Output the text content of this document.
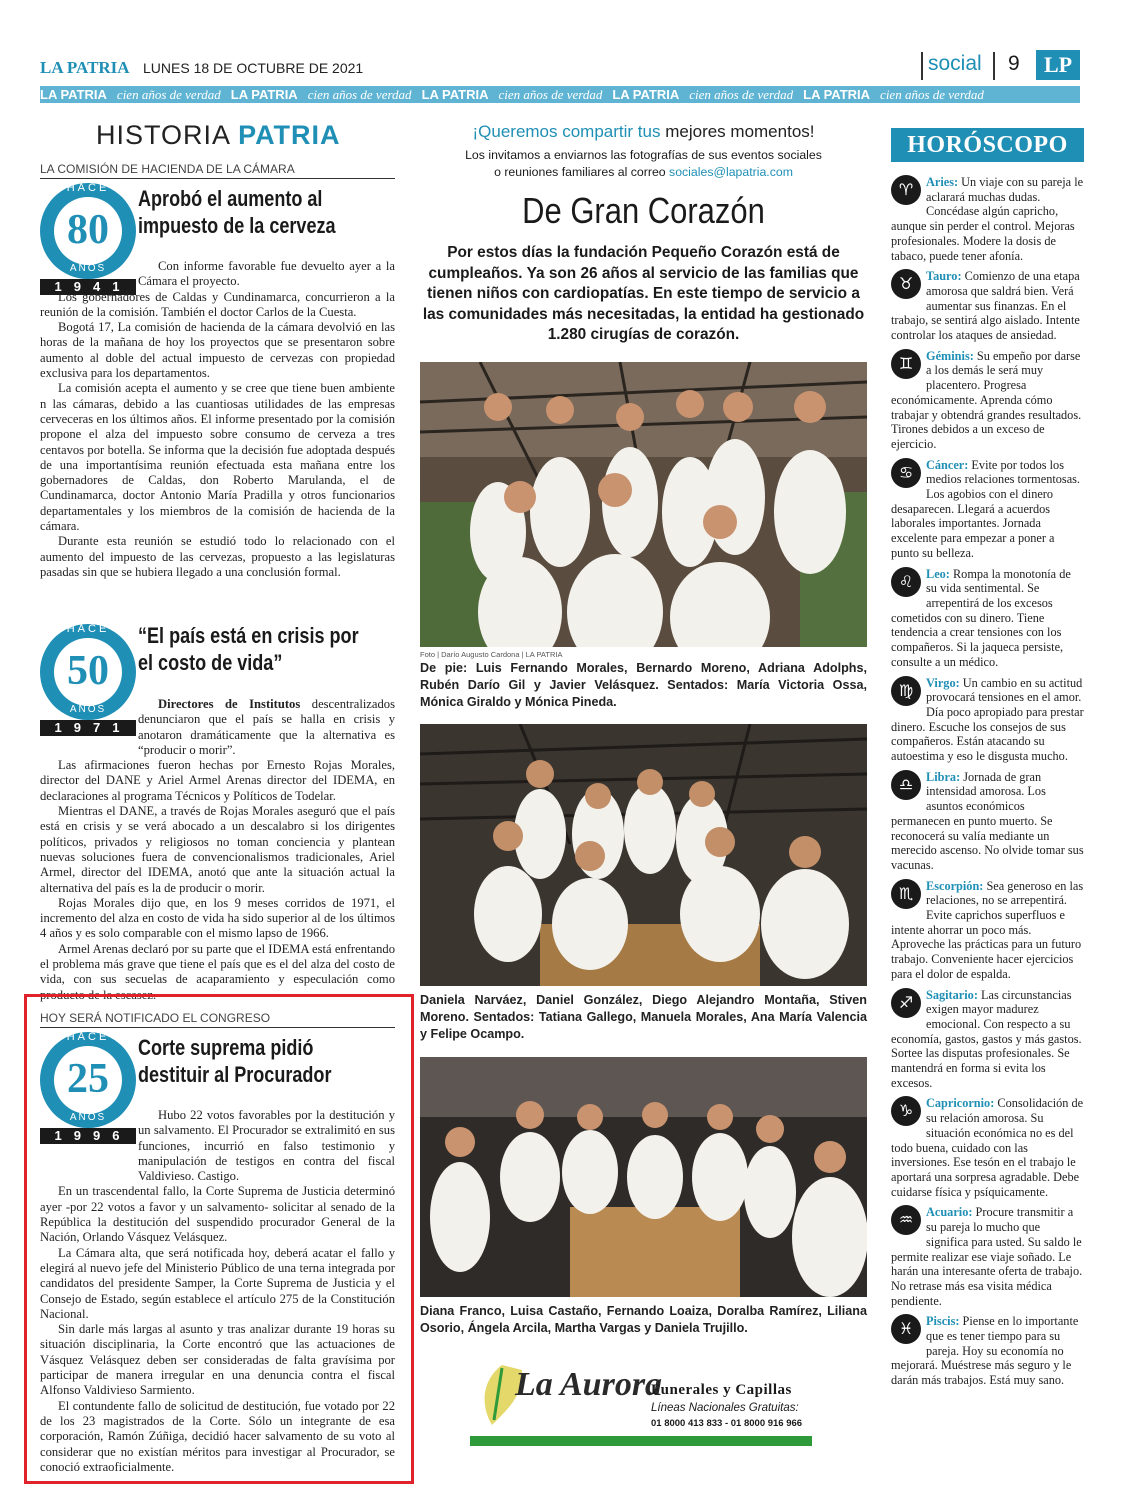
LA PATRIA LUNES 18 DE OCTUBRE DE 2021	social 9	LP
LA PATRIA cien años de verdad LA PATRIA cien años de verdad LA PATRIA cien años de verdad LA PATRIA cien años de verdad LA PATRIA cien años de verdad
HISTORIA PATRIA
LA COMISIÓN DE HACIENDA DE LA CÁMARA
HACE
80
AÑOS
1941
Aprobó el aumento al impuesto de la cerveza

Con informe favorable fue devuelto ayer a la Cámara el proyecto.

Los gobernadores de Caldas y Cundinamarca, concurrieron a la reunión de la comisión. También el doctor Carlos de la Cuesta.

Bogotá 17, La comisión de hacienda de la cámara devolvió en las horas de la mañana de hoy los proyectos que se presentaron sobre aumento al doble del actual impuesto de cervezas con propiedad exclusiva para los departamentos.

La comisión acepta el aumento y se cree que tiene buen ambiente n las cámaras, debido a las cuantiosas utilidades de las empresas cerveceras en los últimos años. El informe presentado por la comisión propone el alza del impuesto sobre consumo de cerveza a tres centavos por botella. Se informa que la decisión fue adoptada después de una importantísima reunión efectuada esta mañana entre los gobernadores de Caldas, don Roberto Marulanda, el de Cundinamarca, doctor Antonio María Pradilla y otros funcionarios departamentales y los miembros de la comisión de hacienda de la cámara.

Durante esta reunión se estudió todo lo relacionado con el aumento del impuesto de las cervezas, propuesto a las legislaturas pasadas sin que se hubiera llegado a una conclusión formal.

HACE
50
AÑOS
1971
“El país está en crisis por el costo de vida”

Directores de Institutos descentralizados denunciaron que el país se halla en crisis y anotaron dramáticamente que la alternativa es “producir o morir”.

Las afirmaciones fueron hechas por Ernesto Rojas Morales, director del DANE y Ariel Armel Arenas director del IDEMA, en declaraciones al programa Técnicos y Políticos de Todelar.

Mientras el DANE, a través de Rojas Morales aseguró que el país está en crisis y se verá abocado a un descalabro si los dirigentes políticos, privados y religiosos no toman conciencia y plantean nuevas soluciones fuera de convencionalismos tradicionales, Ariel Armel, director del IDEMA, anotó que ante la situación actual la alternativa del país es la de producir o morir.

Rojas Morales dijo que, en los 9 meses corridos de 1971, el incremento del alza en costo de vida ha sido superior al de los últimos 4 años y es solo comparable con el mismo lapso de 1966.

Armel Arenas declaró por su parte que el IDEMA está enfrentando el problema más grave que tiene el país que es el del alza del costo de vida, con sus secuelas de acaparamiento y especulación como producto de la escasez.

HOY SERÁ NOTIFICADO EL CONGRESO
HACE
25
AÑOS
1996
Corte suprema pidió destituir al Procurador

Hubo 22 votos favorables por la destitución y un salvamento. El Procurador se extralimitó en sus funciones, incurrió en falso testimonio y manipulación de testigos en contra del fiscal Valdivieso. Castigo.

En un trascendental fallo, la Corte Suprema de Justicia determinó ayer -por 22 votos a favor y un salvamento- solicitar al senado de la República la destitución del suspendido procurador General de la Nación, Orlando Vásquez Velásquez.

La Cámara alta, que será notificada hoy, deberá acatar el fallo y elegirá al nuevo jefe del Ministerio Público de una terna integrada por candidatos del presidente Samper, la Corte Suprema de Justicia y el Consejo de Estado, según establece el artículo 275 de la Constitución Nacional.

Sin darle más largas al asunto y tras analizar durante 19 horas su situación disciplinaria, la Corte encontró que las actuaciones de Vásquez Velásquez deben ser consideradas de falta gravísima por participar de manera irregular en una denuncia contra el fiscal Alfonso Valdivieso Sarmiento.

El contundente fallo de solicitud de destitución, fue votado por 22 de los 23 magistrados de la Corte. Sólo un integrante de esa corporación, Ramón Zúñiga, decidió hacer salvamento de su voto al considerar que no existían méritos para investigar al Procurador, se conoció extraoficialmente.

¡Queremos compartir tus mejores momentos!
Los invitamos a enviarnos las fotografías de sus eventos sociales
o reuniones familiares al correo sociales@lapatria.com
De Gran Corazón
Por estos días la fundación Pequeño Corazón está de cumpleaños. Ya son 26 años al servicio de las familias que tienen niños con cardiopatías. En este tiempo de servicio a las comunidades más necesitadas, la entidad ha gestionado 1.280 cirugías de corazón.
Foto | Darío Augusto Cardona | LA PATRIA
De pie: Luis Fernando Morales, Bernardo Moreno, Adriana Adolphs, Rubén Darío Gil y Javier Velásquez. Sentados: María Victoria Ossa, Mónica Giraldo y Mónica Pineda.
Daniela Narváez, Daniel González, Diego Alejandro Montaña, Stiven Moreno. Sentados: Tatiana Gallego, Manuela Morales, Ana María Valencia y Felipe Ocampo.
Diana Franco, Luisa Castaño, Fernando Loaiza, Doralba Ramírez, Liliana Osorio, Ángela Arcila, Martha Vargas y Daniela Trujillo.
La Aurora
Funerales y Capillas
Líneas Nacionales Gratuitas:
01 8000 413 833 - 01 8000 916 966
HORÓSCOPO
♈	Aries: Un viaje con su pareja le aclarará muchas dudas. Concédase algún capricho, aunque sin perder el control. Mejoras profesionales. Modere la dosis de tabaco, puede tener afonía.
♉	Tauro: Comienzo de una etapa amorosa que saldrá bien. Verá aumentar sus finanzas. En el trabajo, se sentirá algo aislado. Intente controlar los ataques de ansiedad.
♊	Géminis: Su empeño por darse a los demás le será muy placentero. Progresa económicamente. Aprenda cómo trabajar y obtendrá grandes resultados. Tirones debidos a un exceso de ejercicio.
♋	Cáncer: Evite por todos los medios relaciones tormentosas. Los agobios con el dinero desaparecen. Llegará a acuerdos laborales importantes. Jornada excelente para empezar a poner a punto su belleza.
♌	Leo: Rompa la monotonía de su vida sentimental. Se arrepentirá de los excesos cometidos con su dinero. Tiene tendencia a crear tensiones con los compañeros. Si la jaqueca persiste, consulte a un médico.
♍	Virgo: Un cambio en su actitud provocará tensiones en el amor. Día poco apropiado para prestar dinero. Escuche los consejos de sus compañeros. Están atacando su autoestima y eso le disgusta mucho.
♎	Libra: Jornada de gran intensidad amorosa. Los asuntos económicos permanecen en punto muerto. Se reconocerá su valía mediante un merecido ascenso. No olvide tomar sus vacunas.
♏	Escorpión: Sea generoso en las relaciones, no se arrepentirá. Evite caprichos superfluos e intente ahorrar un poco más. Aproveche las prácticas para un futuro trabajo. Conveniente hacer ejercicios para el dolor de espalda.
♐	Sagitario: Las circunstancias exigen mayor madurez emocional. Con respecto a su economía, gastos, gastos y más gastos. Sortee las disputas profesionales. Se mantendrá en forma si evita los excesos.
♑	Capricornio: Consolidación de su relación amorosa. Su situación económica no es del todo buena, cuidado con las inversiones. Ese tesón en el trabajo le aportará una sorpresa agradable. Debe cuidarse física y psíquicamente.
♒	Acuario: Procure transmitir a su pareja lo mucho que significa para usted. Su saldo le permite realizar ese viaje soñado. Le harán una interesante oferta de trabajo. No retrase más esa visita médica pendiente.
♓	Piscis: Piense en lo importante que es tener tiempo para su pareja. Hoy su economía no mejorará. Muéstrese más seguro y le darán más trabajos. Está muy sano.
